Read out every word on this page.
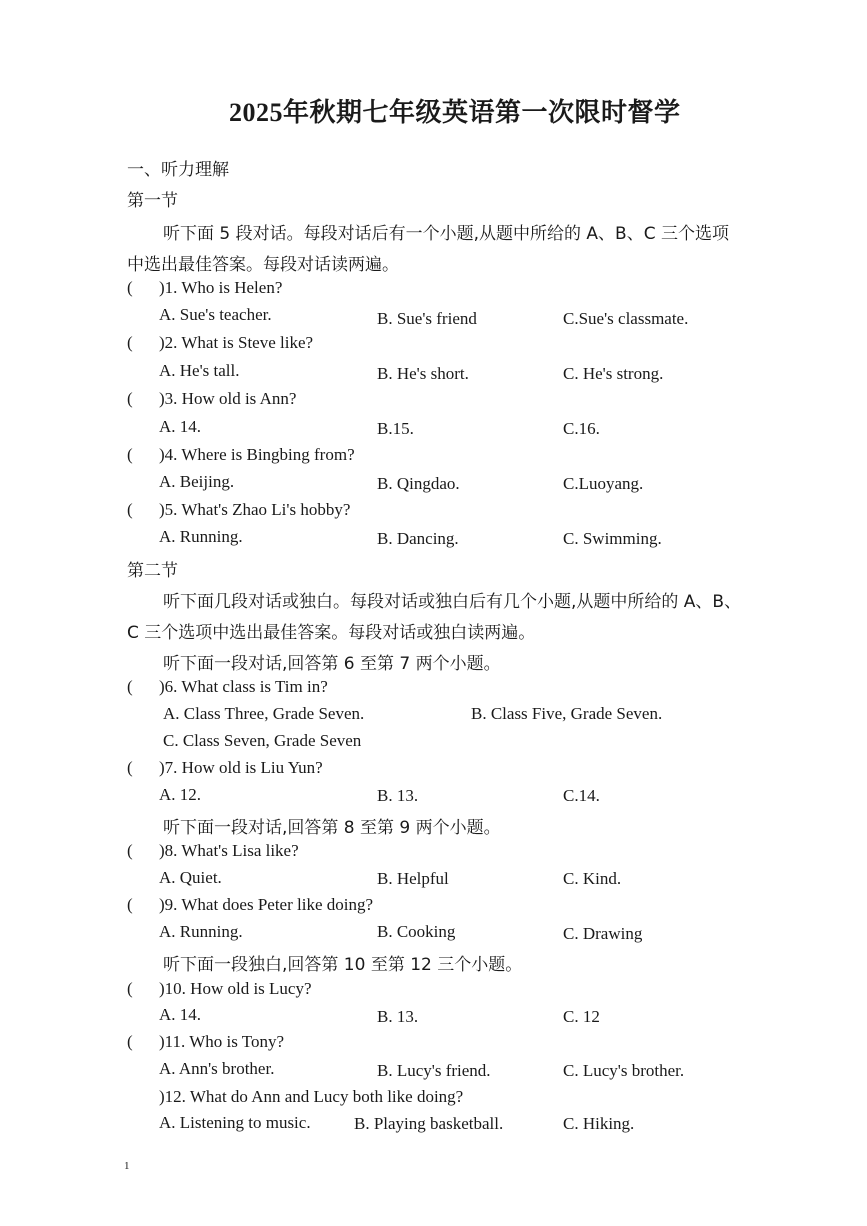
2025年秋期七年级英语第一次限时督学
一、听力理解
第一节
听下面 5 段对话。每段对话后有一个小题,从题中所给的 A、B、C 三个选项
中选出最佳答案。每段对话读两遍。
( )1. Who is Helen?
A. Sue's teacher.	B. Sue's friend	C.Sue's classmate.
( )2. What is Steve like?
A. He's tall.	B. He's short.	C. He's strong.
( )3. How old is Ann?
A. 14.	B.15.	C.16.
( )4. Where is Bingbing from?
A. Beijing.	B. Qingdao.	C.Luoyang.
( )5. What's Zhao Li's hobby?
A. Running.	B. Dancing.	C. Swimming.
第二节
听下面几段对话或独白。每段对话或独白后有几个小题,从题中所给的 A、B、
C 三个选项中选出最佳答案。每段对话或独白读两遍。
听下面一段对话,回答第 6 至第 7 两个小题。
( )6. What class is Tim in?
A. Class Three, Grade Seven.	B. Class Five, Grade Seven.
C. Class Seven, Grade Seven
( )7. How old is Liu Yun?
A. 12.	B. 13.	C.14.
听下面一段对话,回答第 8 至第 9 两个小题。
( )8. What's Lisa like?
A. Quiet.	B. Helpful	C. Kind.
( )9. What does Peter like doing?
A. Running.	B. Cooking	C. Drawing
听下面一段独白,回答第 10 至第 12 三个小题。
( )10. How old is Lucy?
A. 14.	B. 13.	C. 12
( )11. Who is Tony?
A. Ann's brother.	B. Lucy's friend.	C. Lucy's brother.
)12. What do Ann and Lucy both like doing?
A. Listening to music.	B. Playing basketball.	C. Hiking.
1
